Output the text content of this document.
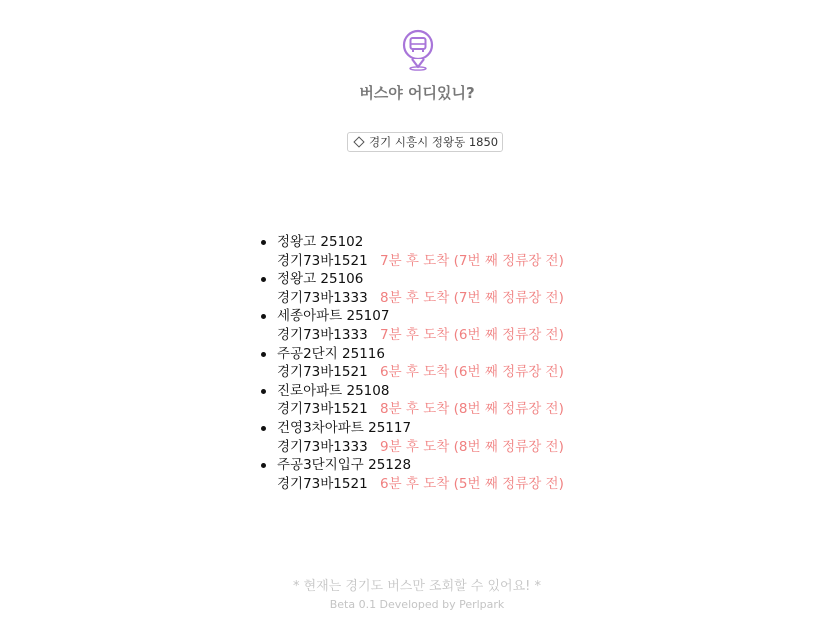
버스야 어디있니?
경기 시흥시 정왕동 1850
정왕고 25102
경기73바1521 7분 후 도착 (7번 째 정류장 전)
정왕고 25106
경기73바1333 8분 후 도착 (7번 째 정류장 전)
세종아파트 25107
경기73바1333 7분 후 도착 (6번 째 정류장 전)
주공2단지 25116
경기73바1521 6분 후 도착 (6번 째 정류장 전)
진로아파트 25108
경기73바1521 8분 후 도착 (8번 째 정류장 전)
건영3차아파트 25117
경기73바1333 9분 후 도착 (8번 째 정류장 전)
주공3단지입구 25128
경기73바1521 6분 후 도착 (5번 째 정류장 전)
* 현재는 경기도 버스만 조회할 수 있어요! *
Beta 0.1 Developed by Perlpark
